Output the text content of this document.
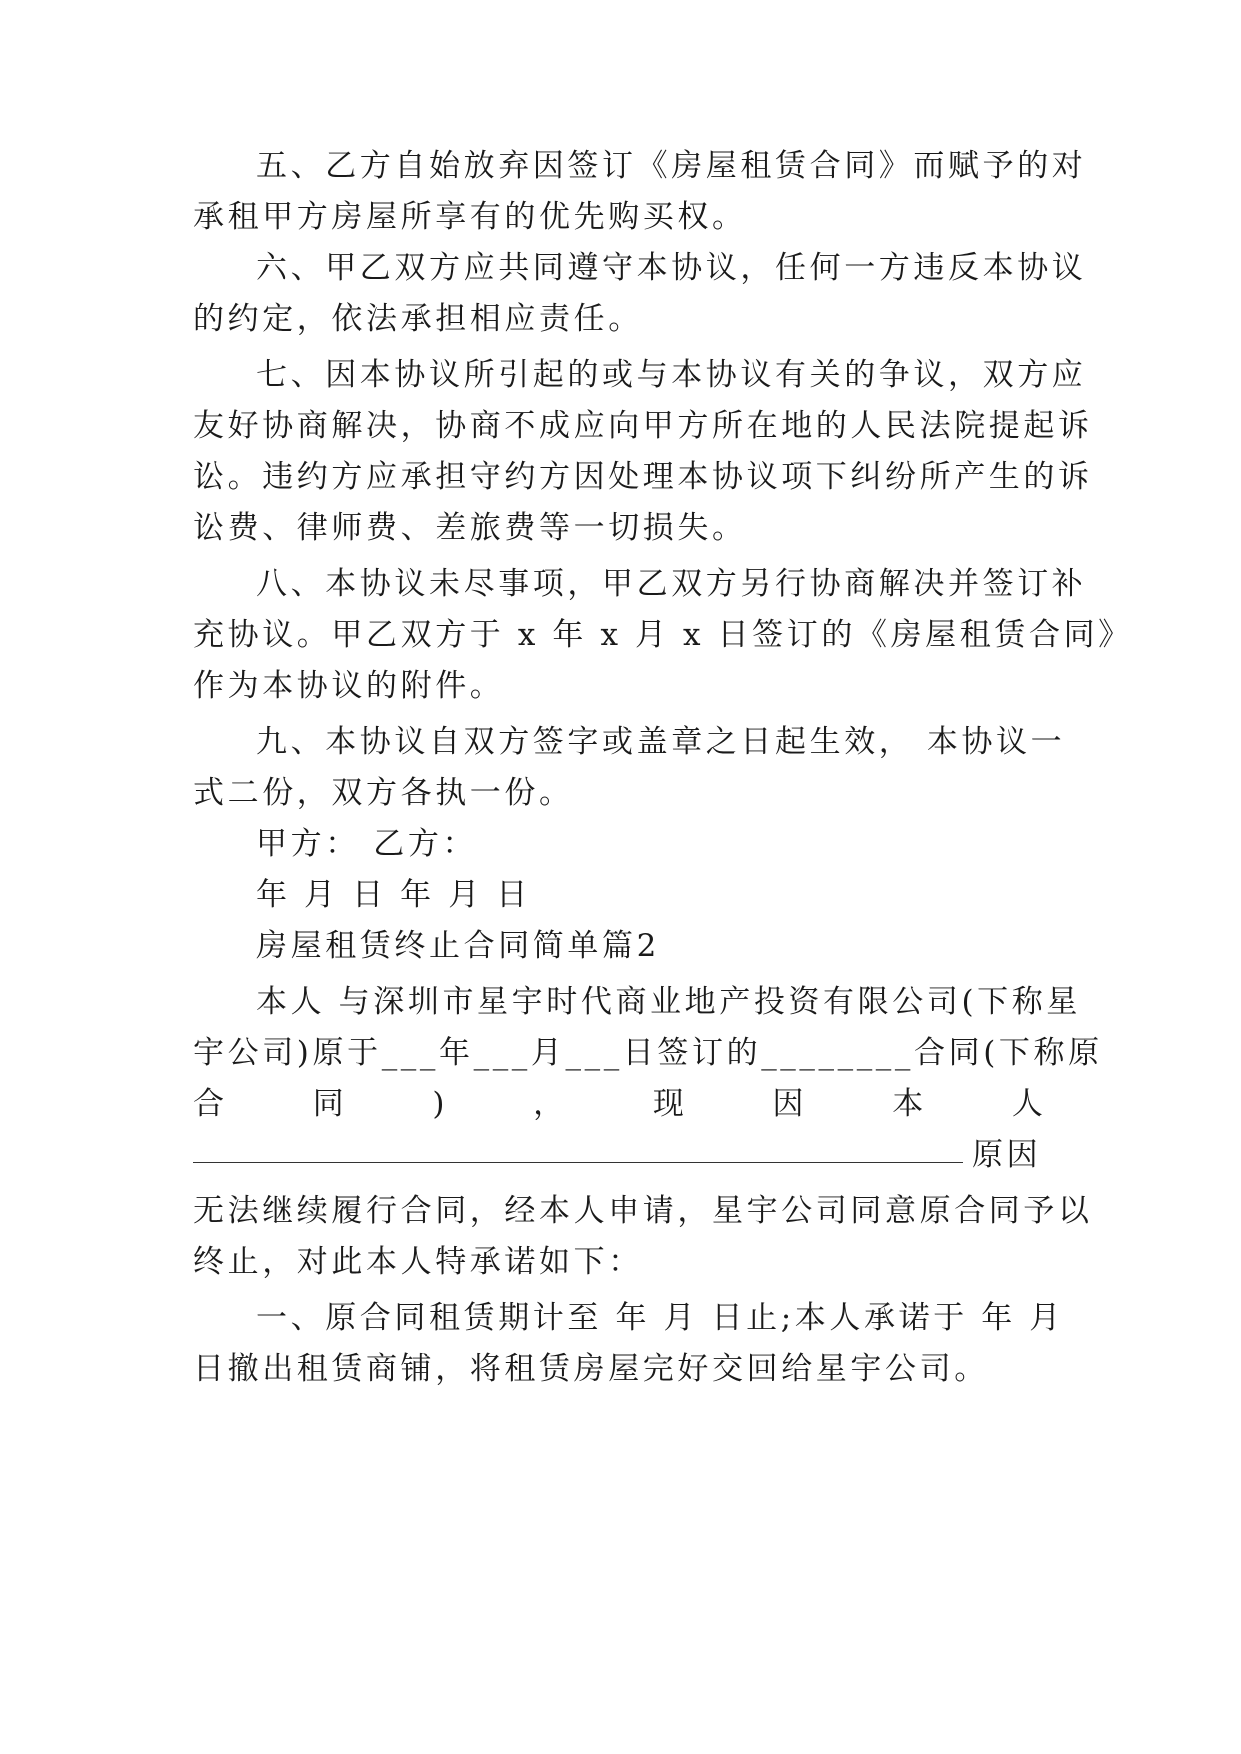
五、乙方自始放弃因签订《房屋租赁合同》而赋予的对
承租甲方房屋所享有的优先购买权。
六、甲乙双方应共同遵守本协议，任何一方违反本协议
的约定，依法承担相应责任。
七、因本协议所引起的或与本协议有关的争议，双方应
友好协商解决，协商不成应向甲方所在地的人民法院提起诉
讼。违约方应承担守约方因处理本协议项下纠纷所产生的诉
讼费、律师费、差旅费等一切损失。
八、本协议未尽事项，甲乙双方另行协商解决并签订补
充协议。甲乙双方于 x 年 x 月 x 日签订的《房屋租赁合同》
作为本协议的附件。
九、本协议自双方签字或盖章之日起生效， 本协议一
式二份，双方各执一份。
甲方： 乙方：
年 月 日 年 月 日
房屋租赁终止合同简单篇2
本人 与深圳市星宇时代商业地产投资有限公司(下称星
宇公司)原于___年___月___日签订的________合同(下称原
合	同	)	，	现	因	本	人
原因
无法继续履行合同，经本人申请，星宇公司同意原合同予以
终止，对此本人特承诺如下：
一、原合同租赁期计至 年 月 日止;本人承诺于 年 月
日撤出租赁商铺，将租赁房屋完好交回给星宇公司。
